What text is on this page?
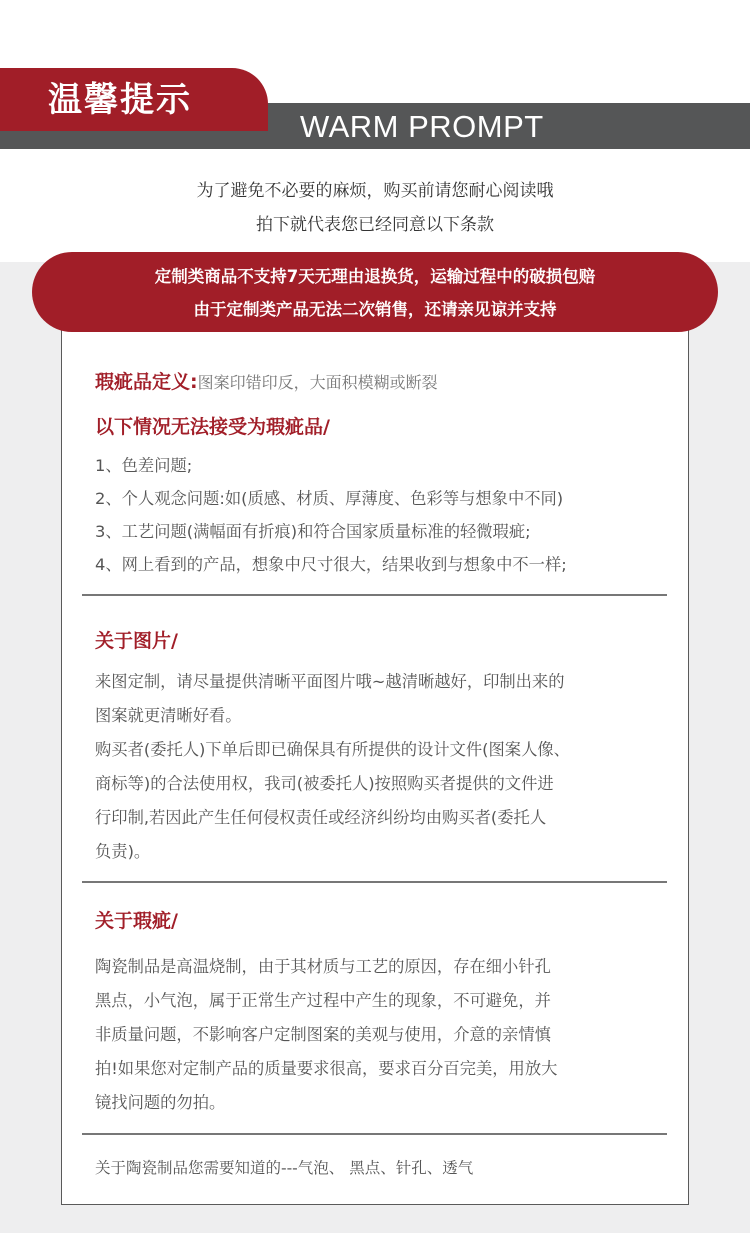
WARM PROMPT
温馨提示
为了避免不必要的麻烦，购买前请您耐心阅读哦
拍下就代表您已经同意以下条款
定制类商品不支持7天无理由退换货，运输过程中的破损包赔
由于定制类产品无法二次销售，还请亲见谅并支持
瑕疵品定义:图案印错印反，大面积模糊或断裂
以下情况无法接受为瑕疵品/
1、色差问题;
2、个人观念问题:如(质感、材质、厚薄度、色彩等与想象中不同)
3、工艺问题(满幅面有折痕)和符合国家质量标准的轻微瑕疵;
4、网上看到的产品，想象中尺寸很大，结果收到与想象中不一样;
关于图片/
来图定制，请尽量提供清晰平面图片哦~越清晰越好，印制出来的
图案就更清晰好看。
购买者(委托人)下单后即已确保具有所提供的设计文件(图案人像、
商标等)的合法使用权，我司(被委托人)按照购买者提供的文件进
行印制,若因此产生任何侵权责任或经济纠纷均由购买者(委托人
负责)。
关于瑕疵/
陶瓷制品是高温烧制，由于其材质与工艺的原因，存在细小针孔
黑点，小气泡，属于正常生产过程中产生的现象，不可避免，并
非质量问题，不影响客户定制图案的美观与使用，介意的亲情慎
拍!如果您对定制产品的质量要求很高，要求百分百完美，用放大
镜找问题的勿拍。
关于陶瓷制品您需要知道的---气泡、 黑点、针孔、透气
